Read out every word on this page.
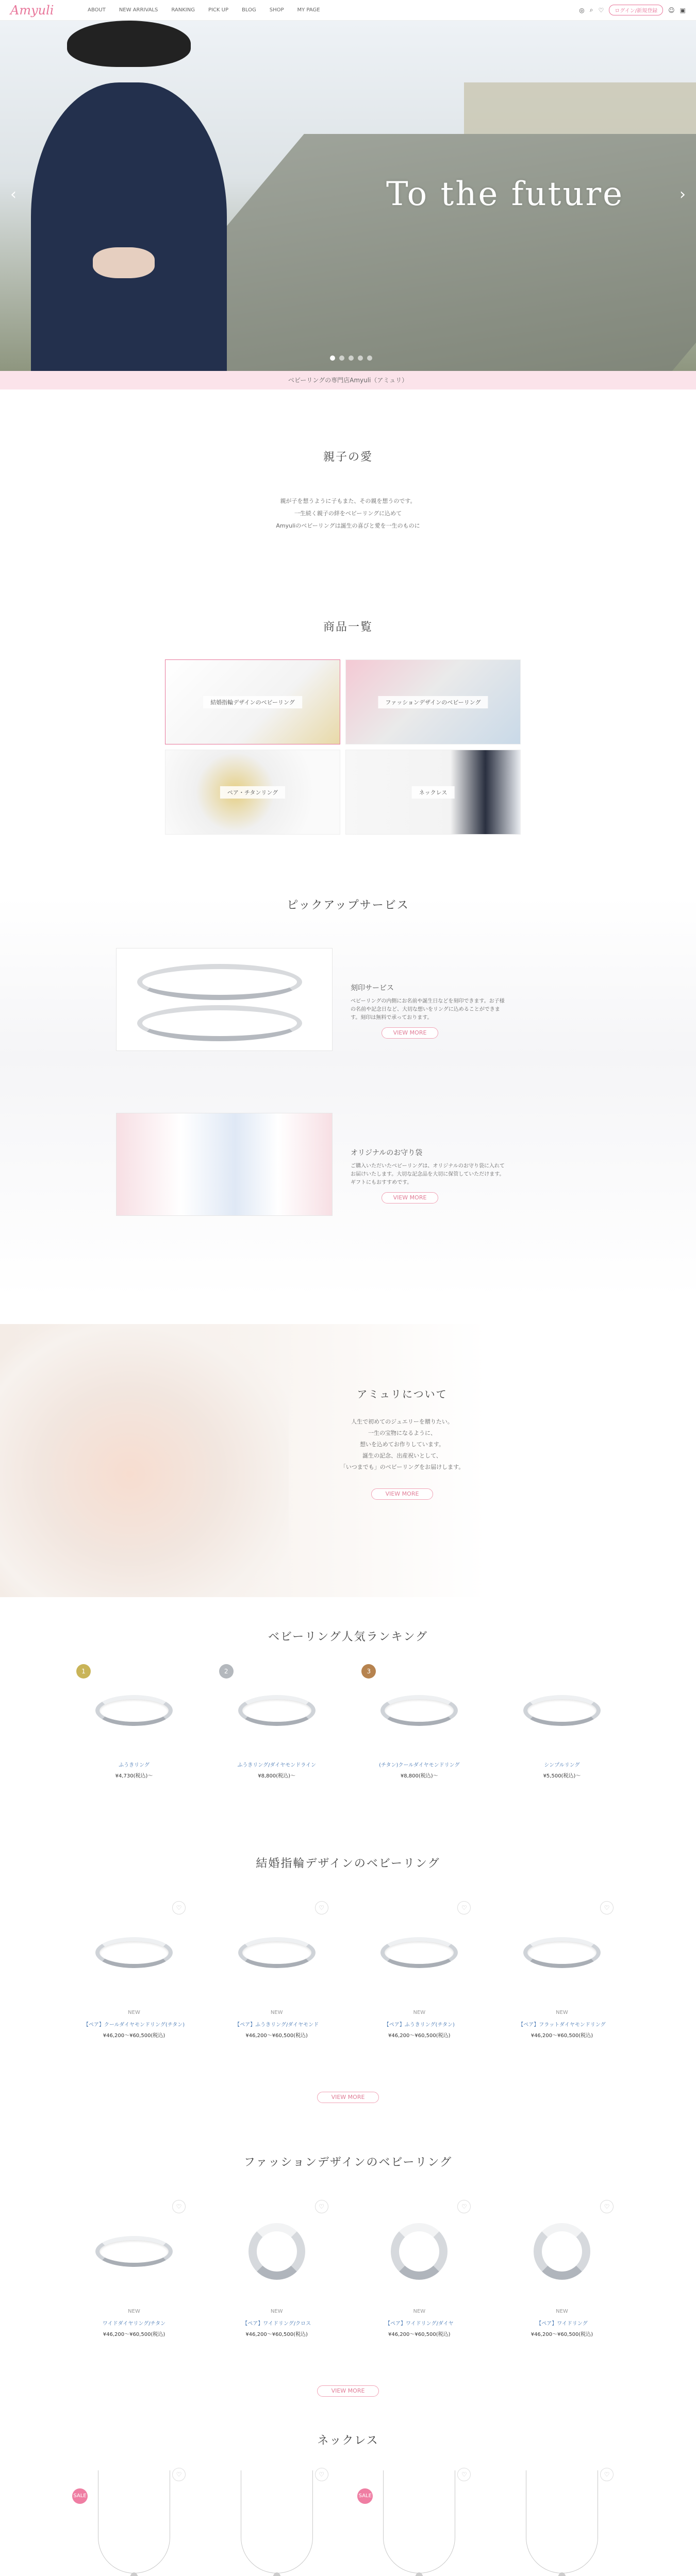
Amyuli	ABOUT	NEW ARRIVALS	RANKING	PICK UP	BLOG	SHOP	MY PAGE	◎ ⌕ ♡	ログイン/新規登録	☺ ▣
To the future
‹	›
ベビーリングの専門店Amyuli（アミュリ）
親子の愛
親が子を想うように子もまた、その親を想うのです。
一生続く親子の絆をベビーリングに込めて
Amyuliのベビーリングは誕生の喜びと愛を一生のものに
商品一覧
結婚指輪デザインのベビーリング	ファッションデザインのベビーリング
ペア・チタンリング	ネックレス
ピックアップサービス
刻印サービス

ベビーリングの内側にお名前や誕生日などを刻印できます。お子様の名前や記念日など、大切な想いをリングに込めることができます。刻印は無料で承っております。

VIEW MORE
オリジナルのお守り袋

ご購入いただいたベビーリングは、オリジナルのお守り袋に入れてお届けいたします。大切な記念品を大切に保管していただけます。ギフトにもおすすめです。

VIEW MORE
アミュリについて

人生で初めてのジュエリーを贈りたい。

一生の宝物になるように、

想いを込めてお作りしています。

誕生の記念、出産祝いとして、

「いつまでも」のベビーリングをお届けします。

VIEW MORE
ベビーリング人気ランキング
1
ふうきリング
¥4,730(税込)～
2
ふうきリング/ダイヤモンドライン
¥8,800(税込)～
3
(チタン)クールダイヤモンドリング
¥8,800(税込)～
シンプルリング
¥5,500(税込)～
結婚指輪デザインのベビーリング
♡
NEW
【ペア】クールダイヤモンドリング(チタン)
¥46,200～¥60,500(税込)
♡
NEW
【ペア】ふうきリング/ダイヤモンド
¥46,200～¥60,500(税込)
♡
NEW
【ペア】ふうきリング(チタン)
¥46,200～¥60,500(税込)
♡
NEW
【ペア】フラットダイヤモンドリング
¥46,200～¥60,500(税込)
VIEW MORE
ファッションデザインのベビーリング
♡
NEW
ワイドダイヤリング/チタン
¥46,200～¥60,500(税込)
♡
NEW
【ペア】ワイドリング/クロス
¥46,200～¥60,500(税込)
♡
NEW
【ペア】ワイドリング/ダイヤ
¥46,200～¥60,500(税込)
♡
NEW
【ペア】ワイドリング
¥46,200～¥60,500(税込)
VIEW MORE
ネックレス
SALE
♡	♡
SALE
♡	♡
